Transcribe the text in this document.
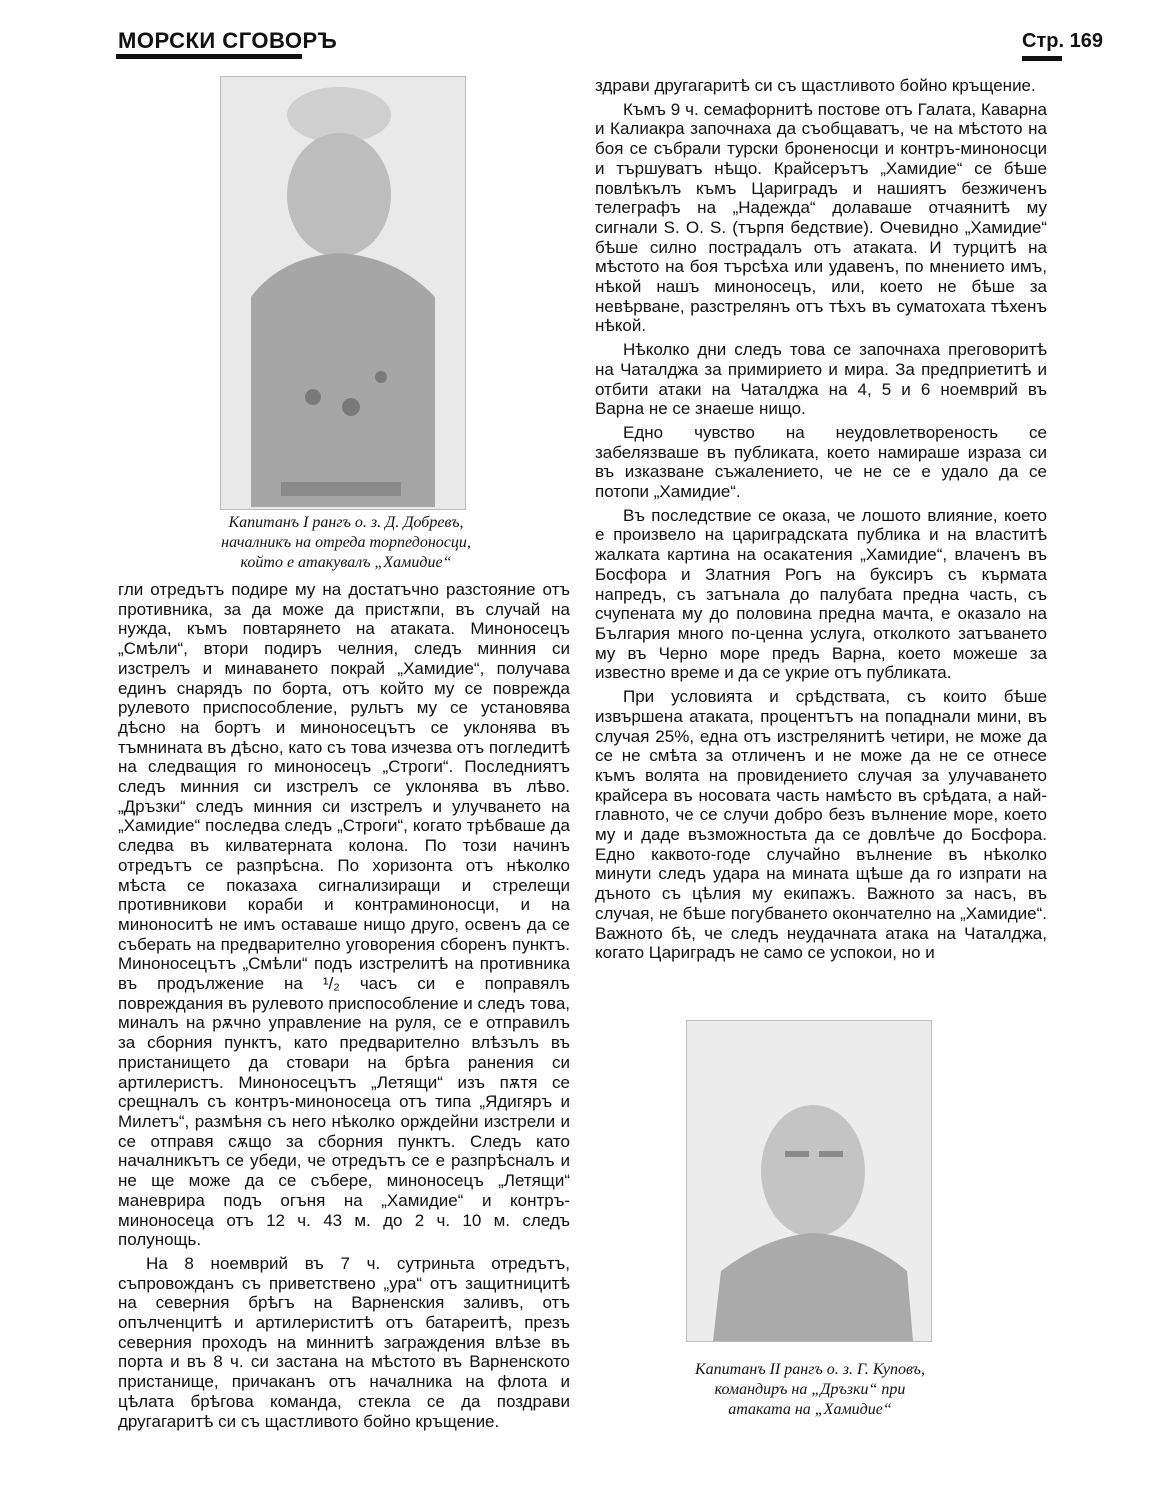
МОРСКИ СГОВОРЪ	Стр. 169
Капитанъ I рангъ о. з. Д. Добревъ,
началникъ на отреда торпедоносци,
който е атакувалъ „Хамидие“
Капитанъ II рангъ о. з. Г. Куповъ,
командиръ на „Дръзки“ при
атаката на „Хамидие“

гли отредътъ подире му на достатъчно разстояние отъ противника, за да може да пристѫпи, въ случай на нужда, къмъ повтарянето на атаката. Миноносецъ „Смѣли“, втори подиръ челния, следъ минния си изстрелъ и минаването покрай „Хамидие“, получава единъ снарядъ по борта, отъ който му се поврежда рулевото приспособление, рультъ му се установява дѣсно на бортъ и миноносецътъ се уклонява въ тъмнината въ дѣсно, като съ това изчезва отъ погледитѣ на следващия го миноносецъ „Строги“. Последниятъ следъ минния си изстрелъ се уклонява въ лѣво. „Дръзки“ следъ минния си изстрелъ и улучването на „Хамидие“ последва следъ „Строги“, когато трѣбваше да следва въ килватерната колона. По този начинъ отредътъ се разпрѣсна. По хоризонта отъ нѣколко мѣста се показаха сигнализиращи и стрелещи противникови кораби и контраминоносци, и на миноноситѣ не имъ оставаше нищо друго, освенъ да се съберать на предварително уговорения сборенъ пунктъ. Миноносецътъ „Смѣли“ подъ изстрелитѣ на противника въ продължение на ¹/₂ часъ си е поправялъ повреждания въ рулевото приспособление и следъ това, миналъ на рѫчно управление на руля, се е отправилъ за сборния пунктъ, като предварително влѣзълъ въ пристанището да стовари на брѣга ранения си артилеристъ. Миноносецътъ „Летящи“ изъ пѫтя се срещналъ съ контръ-миноносеца отъ типа „Ядигяръ и Милетъ“, размѣня съ него нѣколко орждейни изстрели и се отправя сѫщо за сборния пунктъ. Следъ като началникътъ се убеди, че отредътъ се е разпрѣсналъ и не ще може да се събере, миноносецъ „Летящи“ маневрира подъ огъня на „Хамидие“ и контръ-миноносеца отъ 12 ч. 43 м. до 2 ч. 10 м. следъ полунощь.

На 8 ноемврий въ 7 ч. сутриньта отредътъ, съпровожданъ съ приветствено „ура“ отъ защитницитѣ на северния брѣгъ на Варненския заливъ, отъ опълченцитѣ и артилериститѣ отъ батареитѣ, презъ северния проходъ на миннитѣ заграждения влѣзе въ порта и въ 8 ч. си застана на мѣстото въ Варненското пристанище, причаканъ отъ началника на флота и цѣлата брѣгова команда, стекла се да поздрави другагаритѣ си съ щастливото бойно кръщение.

здрави другагаритѣ си съ щастливото бойно кръщение.

Къмъ 9 ч. семафорнитѣ постове отъ Галата, Каварна и Калиакра започнаха да съобщаватъ, че на мѣстото на боя се събрали турски броненосци и контръ-миноносци и тършуватъ нѣщо. Крайсерътъ „Хамидие“ се бѣше повлѣкълъ къмъ Цариградъ и нашиятъ безжиченъ телеграфъ на „Надежда“ долаваше отчаянитѣ му сигнали S. O. S. (търпя бедствие). Очевидно „Хамидие“ бѣше силно пострадалъ отъ атаката. И турцитѣ на мѣстото на боя търсѣха или удавенъ, по мнението имъ, нѣкой нашъ миноносецъ, или, което не бѣше за невѣрване, разстрелянъ отъ тѣхъ въ суматохата тѣхенъ нѣкой.

Нѣколко дни следъ това се започнаха преговоритѣ на Чаталджа за примирието и мира. За предприетитѣ и отбити атаки на Чаталджа на 4, 5 и 6 ноемврий въ Варна не се знаеше нищо.

Едно чувство на неудовлетвореность се забелязваше въ публиката, което намираше израза си въ изказване съжалението, че не се е удало да се потопи „Хамидие“.

Въ последствие се оказа, че лошото влияние, което е произвело на цариградската публика и на властитѣ жалката картина на осакатения „Хамидие“, влаченъ въ Босфора и Златния Рогъ на буксиръ съ кърмата напредъ, съ затънала до палубата предна часть, съ счупената му до половина предна мачта, е оказало на България много по-ценна услуга, отколкото затъването му въ Черно море предъ Варна, което можеше за известно време и да се укрие отъ публиката.

При условията и срѣдствата, съ които бѣше извършена атаката, процентътъ на попаднали мини, въ случая 25%, една отъ изстрелянитѣ четири, не може да се не смѣта за отличенъ и не може да не се отнесе къмъ волята на провидението случая за улучаването крайсера въ носовата часть намѣсто въ срѣдата, а най-главното, че се случи добро безъ вълнение море, което му и даде възможностьта да се довлѣче до Босфора. Едно каквото-годе случайно вълнение въ нѣколко минути следъ удара на мината щѣше да го изпрати на дъното съ цѣлия му екипажъ. Важното за насъ, въ случая, не бѣше погубването окончателно на „Хамидие“. Важното бѣ, че следъ неудачната атака на Чаталджа, когато Цариградъ не само се успокои, но и
